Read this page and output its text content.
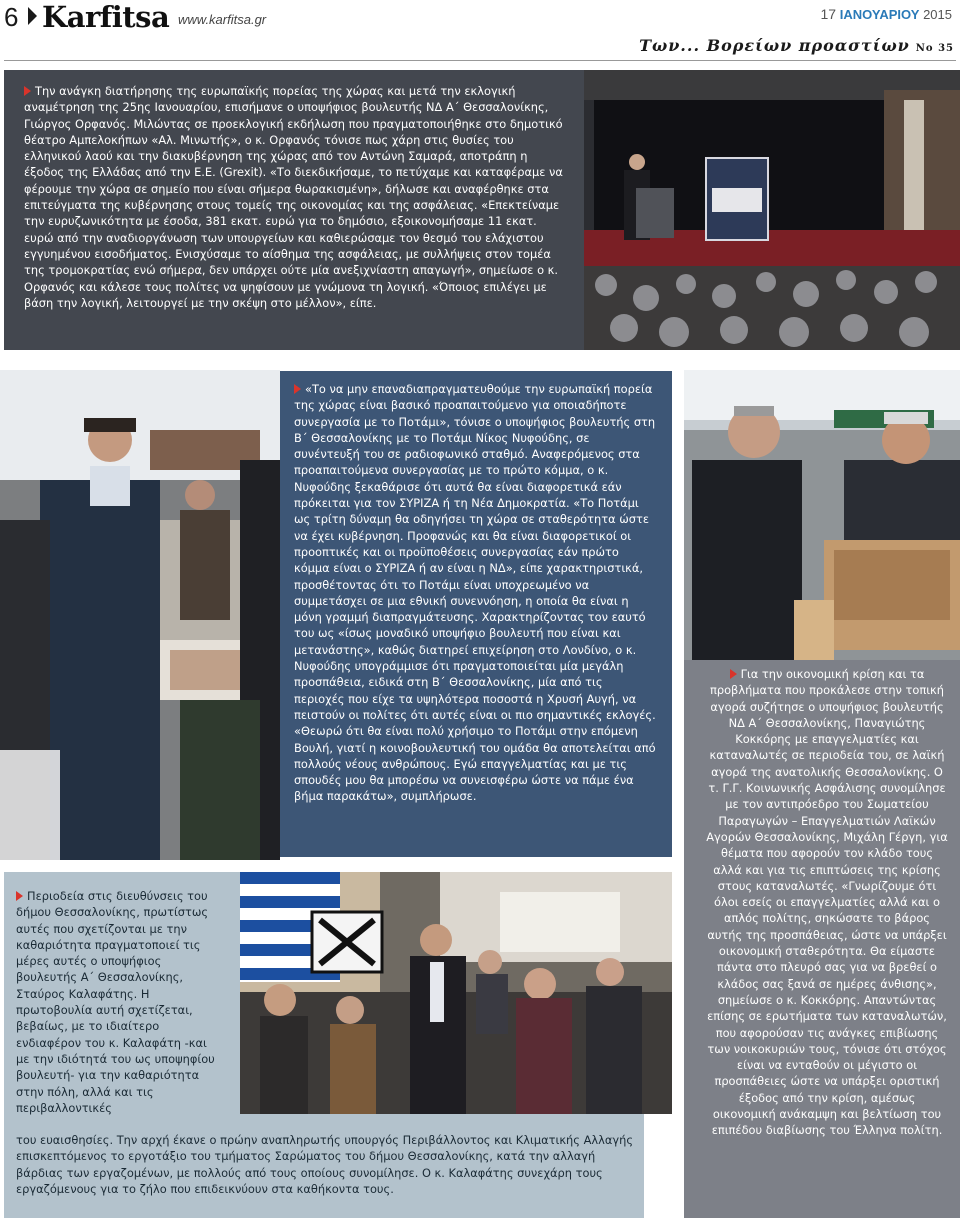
6 Karfitsa www.karfitsa.gr	17 ΙΑΝΟΥΑΡΙΟΥ 2015
Των... Βορείων προαστίων Νο 35

Την ανάγκη διατήρησης της ευρωπαϊκής πορείας της χώρας και μετά την εκλογική αναμέτρηση της 25ης Ιανουαρίου, επισήμανε ο υποψήφιος βουλευτής ΝΔ Α΄ Θεσσαλονίκης, Γιώργος Ορφανός. Μιλώντας σε προεκλογική εκδήλωση που πραγματοποιήθηκε στο δημοτικό θέατρο Αμπελοκήπων «Αλ. Μινωτής», ο κ. Ορφανός τόνισε πως χάρη στις θυσίες του ελληνικού λαού και την διακυβέρνηση της χώρας από τον Αντώνη Σαμαρά, αποτράπη η έξοδος της Ελλάδας από την Ε.Ε. (Grexit). «Το διεκδικήσαμε, το πετύχαμε και καταφέραμε να φέρουμε την χώρα σε σημείο που είναι σήμερα θωρακισμένη», δήλωσε και αναφέρθηκε στα επιτεύγματα της κυβέρνησης στους τομείς της οικονομίας και της ασφάλειας. «Επεκτείναμε την ευρυζωνικότητα με έσοδα, 381 εκατ. ευρώ για το δημόσιο, εξοικονομήσαμε 11 εκατ. ευρώ από την αναδιοργάνωση των υπουργείων και καθιερώσαμε τον θεσμό του ελάχιστου εγγυημένου εισοδήματος. Ενισχύσαμε το αίσθημα της ασφάλειας, με συλλήψεις στον τομέα της τρομοκρατίας ενώ σήμερα, δεν υπάρχει ούτε μία ανεξιχνίαστη απαγωγή», σημείωσε ο κ. Ορφανός και κάλεσε τους πολίτες να ψηφίσουν με γνώμονα τη λογική. «Όποιος επιλέγει με βάση την λογική, λειτουργεί με την σκέψη στο μέλλον», είπε.

«Το να μην επαναδιαπραγματευθούμε την ευρωπαϊκή πορεία της χώρας είναι βασικό προαπαιτούμενο για οποιαδήποτε συνεργασία με το Ποτάμι», τόνισε ο υποψήφιος βουλευτής στη Β΄ Θεσσαλονίκης με το Ποτάμι Νίκος Νυφούδης, σε συνέντευξή του σε ραδιοφωνικό σταθμό. Αναφερόμενος στα προαπαιτούμενα συνεργασίας με το πρώτο κόμμα, ο κ. Νυφούδης ξεκαθάρισε ότι αυτά θα είναι διαφορετικά εάν πρόκειται για τον ΣΥΡΙΖΑ ή τη Νέα Δημοκρατία. «Το Ποτάμι ως τρίτη δύναμη θα οδηγήσει τη χώρα σε σταθερότητα ώστε να έχει κυβέρνηση. Προφανώς και θα είναι διαφορετικοί οι προοπτικές και οι προϋποθέσεις συνεργασίας εάν πρώτο κόμμα είναι ο ΣΥΡΙΖΑ ή αν είναι η ΝΔ», είπε χαρακτηριστικά, προσθέτοντας ότι το Ποτάμι είναι υποχρεωμένο να συμμετάσχει σε μια εθνική συνεννόηση, η οποία θα είναι η μόνη γραμμή διαπραγμάτευσης. Χαρακτηρίζοντας τον εαυτό του ως «ίσως μοναδικό υποψήφιο βουλευτή που είναι και μετανάστης», καθώς διατηρεί επιχείρηση στο Λονδίνο, ο κ. Νυφούδης υπογράμμισε ότι πραγματοποιείται μία μεγάλη προσπάθεια, ειδικά στη Β΄ Θεσσαλονίκης, μία από τις περιοχές που είχε τα υψηλότερα ποσοστά η Χρυσή Αυγή, να πειστούν οι πολίτες ότι αυτές είναι οι πιο σημαντικές εκλογές. «Θεωρώ ότι θα είναι πολύ χρήσιμο το Ποτάμι στην επόμενη Βουλή, γιατί η κοινοβουλευτική του ομάδα θα αποτελείται από πολλούς νέους ανθρώπους. Εγώ επαγγελματίας και με τις σπουδές μου θα μπορέσω να συνεισφέρω ώστε να πάμε ένα βήμα παρακάτω», συμπλήρωσε.

Για την οικονομική κρίση και τα προβλήματα που προκάλεσε στην τοπική αγορά συζήτησε ο υποψήφιος βουλευτής ΝΔ Α΄ Θεσσαλονίκης, Παναγιώτης Κοκκόρης με επαγγελματίες και καταναλωτές σε περιοδεία του, σε λαϊκή αγορά της ανατολικής Θεσσαλονίκης. Ο τ. Γ.Γ. Κοινωνικής Ασφάλισης συνομίλησε με τον αντιπρόεδρο του Σωματείου Παραγωγών – Επαγγελματιών Λαϊκών Αγορών Θεσσαλονίκης, Μιχάλη Γέργη, για θέματα που αφορούν τον κλάδο τους αλλά και για τις επιπτώσεις της κρίσης στους καταναλωτές. «Γνωρίζουμε ότι όλοι εσείς οι επαγγελματίες αλλά και ο απλός πολίτης, σηκώσατε το βάρος αυτής της προσπάθειας, ώστε να υπάρξει οικονομική σταθερότητα. Θα είμαστε πάντα στο πλευρό σας για να βρεθεί ο κλάδος σας ξανά σε ημέρες άνθισης», σημείωσε ο κ. Κοκκόρης. Απαντώντας επίσης σε ερωτήματα των καταναλωτών, που αφορούσαν τις ανάγκες επιβίωσης των νοικοκυριών τους, τόνισε ότι στόχος είναι να ενταθούν οι μέγιστο οι προσπάθειες ώστε να υπάρξει οριστική έξοδος από την κρίση, αμέσως οικονομική ανάκαμψη και βελτίωση του επιπέδου διαβίωσης του Έλληνα πολίτη.

Περιοδεία στις διευθύνσεις του δήμου Θεσσαλονίκης, πρωτίστως αυτές που σχετίζονται με την καθαριότητα πραγματοποιεί τις μέρες αυτές ο υποψήφιος βουλευτής Α΄ Θεσσαλονίκης, Σταύρος Καλαφάτης. Η πρωτοβουλία αυτή σχετίζεται, βεβαίως, με το ιδιαίτερο ενδιαφέρον του κ. Καλαφάτη -και με την ιδιότητά του ως υποψηφίου βουλευτή- για την καθαριότητα στην πόλη, αλλά και τις περιβαλλοντικές

του ευαισθησίες. Την αρχή έκανε ο πρώην αναπληρωτής υπουργός Περιβάλλοντος και Κλιματικής Αλλαγής επισκεπτόμενος το εργοτάξιο του τμήματος Σαρώματος του δήμου Θεσσαλονίκης, κατά την αλλαγή βάρδιας των εργαζομένων, με πολλούς από τους οποίους συνομίλησε. Ο κ. Καλαφάτης συνεχάρη τους εργαζόμενους για το ζήλο που επιδεικνύουν στα καθήκοντα τους.
